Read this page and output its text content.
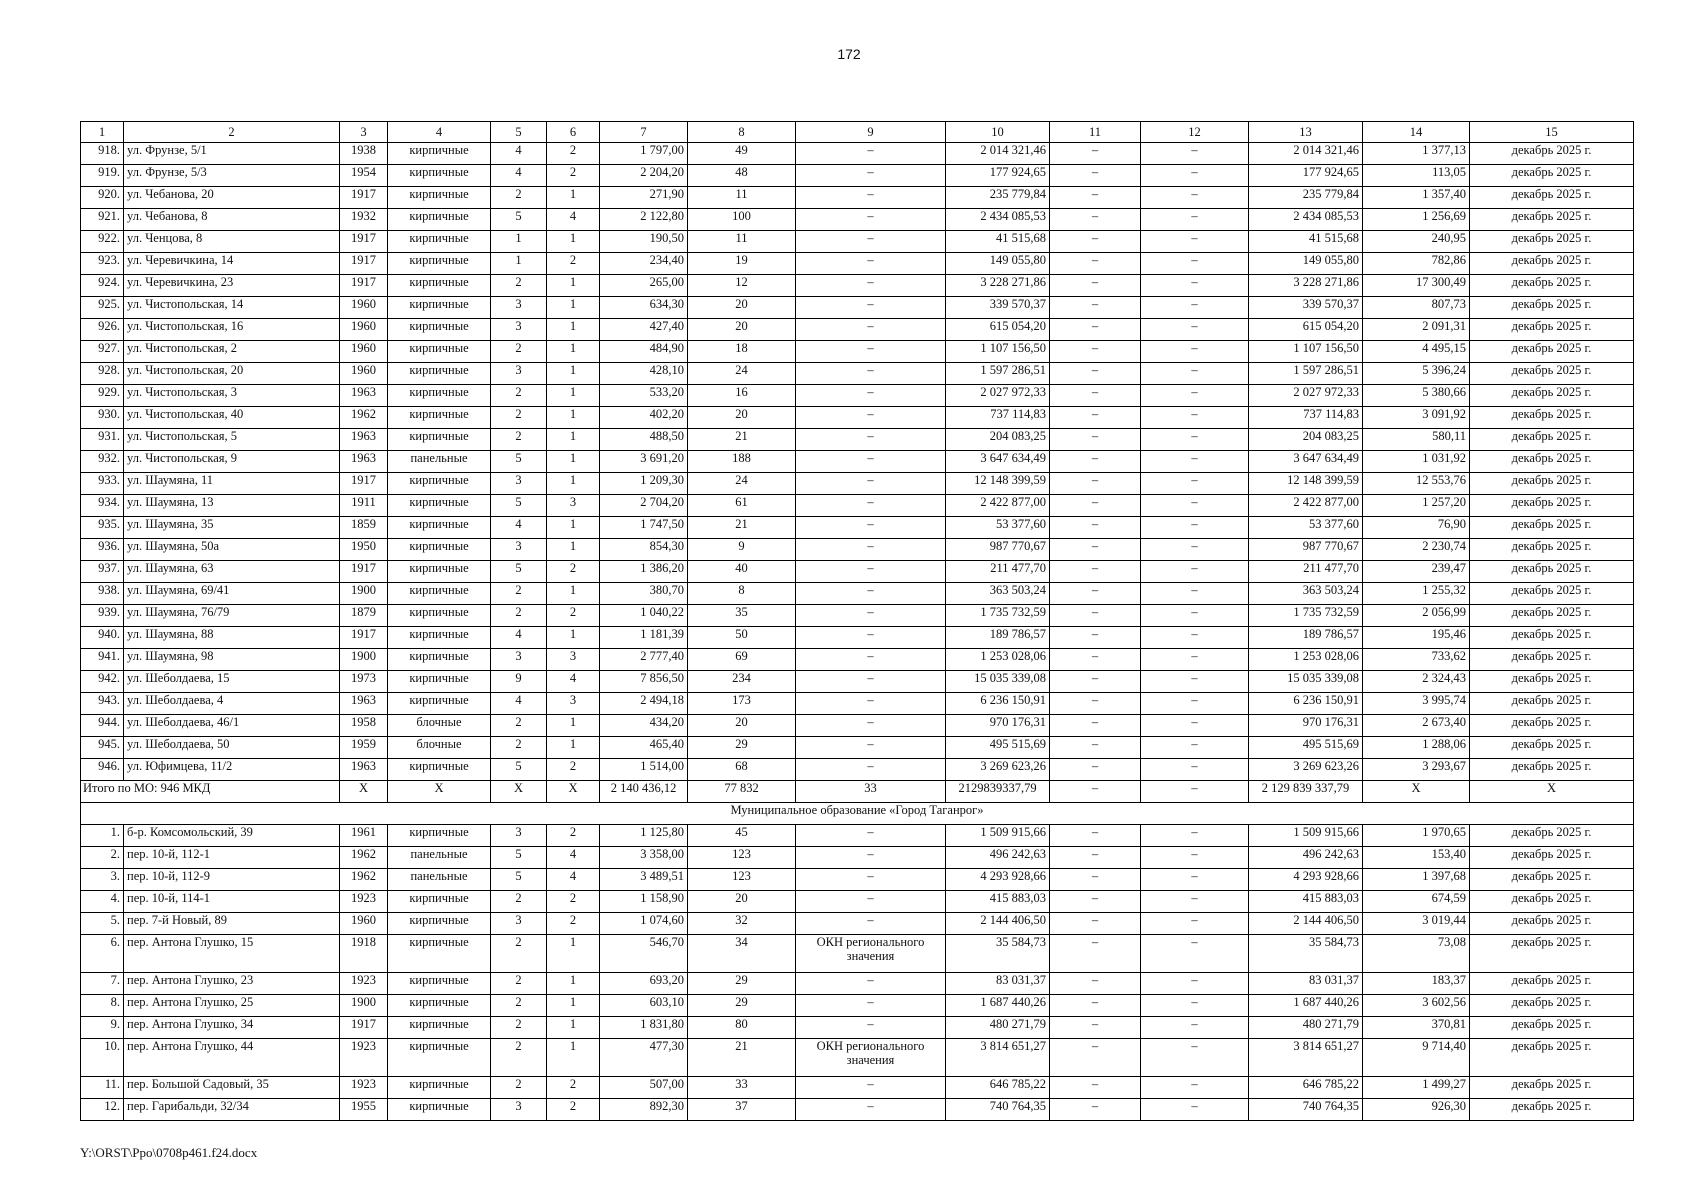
172
1	2	3	4	5	6	7	8	9	10	11	12	13	14	15
918.	ул. Фрунзе, 5/1	1938	кирпичные	4	2	1 797,00	49	–	2 014 321,46	–	–	2 014 321,46	1 377,13	декабрь 2025 г.
919.	ул. Фрунзе, 5/3	1954	кирпичные	4	2	2 204,20	48	–	177 924,65	–	–	177 924,65	113,05	декабрь 2025 г.
920.	ул. Чебанова, 20	1917	кирпичные	2	1	271,90	11	–	235 779,84	–	–	235 779,84	1 357,40	декабрь 2025 г.
921.	ул. Чебанова, 8	1932	кирпичные	5	4	2 122,80	100	–	2 434 085,53	–	–	2 434 085,53	1 256,69	декабрь 2025 г.
922.	ул. Ченцова, 8	1917	кирпичные	1	1	190,50	11	–	41 515,68	–	–	41 515,68	240,95	декабрь 2025 г.
923.	ул. Черевичкина, 14	1917	кирпичные	1	2	234,40	19	–	149 055,80	–	–	149 055,80	782,86	декабрь 2025 г.
924.	ул. Черевичкина, 23	1917	кирпичные	2	1	265,00	12	–	3 228 271,86	–	–	3 228 271,86	17 300,49	декабрь 2025 г.
925.	ул. Чистопольская, 14	1960	кирпичные	3	1	634,30	20	–	339 570,37	–	–	339 570,37	807,73	декабрь 2025 г.
926.	ул. Чистопольская, 16	1960	кирпичные	3	1	427,40	20	–	615 054,20	–	–	615 054,20	2 091,31	декабрь 2025 г.
927.	ул. Чистопольская, 2	1960	кирпичные	2	1	484,90	18	–	1 107 156,50	–	–	1 107 156,50	4 495,15	декабрь 2025 г.
928.	ул. Чистопольская, 20	1960	кирпичные	3	1	428,10	24	–	1 597 286,51	–	–	1 597 286,51	5 396,24	декабрь 2025 г.
929.	ул. Чистопольская, 3	1963	кирпичные	2	1	533,20	16	–	2 027 972,33	–	–	2 027 972,33	5 380,66	декабрь 2025 г.
930.	ул. Чистопольская, 40	1962	кирпичные	2	1	402,20	20	–	737 114,83	–	–	737 114,83	3 091,92	декабрь 2025 г.
931.	ул. Чистопольская, 5	1963	кирпичные	2	1	488,50	21	–	204 083,25	–	–	204 083,25	580,11	декабрь 2025 г.
932.	ул. Чистопольская, 9	1963	панельные	5	1	3 691,20	188	–	3 647 634,49	–	–	3 647 634,49	1 031,92	декабрь 2025 г.
933.	ул. Шаумяна, 11	1917	кирпичные	3	1	1 209,30	24	–	12 148 399,59	–	–	12 148 399,59	12 553,76	декабрь 2025 г.
934.	ул. Шаумяна, 13	1911	кирпичные	5	3	2 704,20	61	–	2 422 877,00	–	–	2 422 877,00	1 257,20	декабрь 2025 г.
935.	ул. Шаумяна, 35	1859	кирпичные	4	1	1 747,50	21	–	53 377,60	–	–	53 377,60	76,90	декабрь 2025 г.
936.	ул. Шаумяна, 50а	1950	кирпичные	3	1	854,30	9	–	987 770,67	–	–	987 770,67	2 230,74	декабрь 2025 г.
937.	ул. Шаумяна, 63	1917	кирпичные	5	2	1 386,20	40	–	211 477,70	–	–	211 477,70	239,47	декабрь 2025 г.
938.	ул. Шаумяна, 69/41	1900	кирпичные	2	1	380,70	8	–	363 503,24	–	–	363 503,24	1 255,32	декабрь 2025 г.
939.	ул. Шаумяна, 76/79	1879	кирпичные	2	2	1 040,22	35	–	1 735 732,59	–	–	1 735 732,59	2 056,99	декабрь 2025 г.
940.	ул. Шаумяна, 88	1917	кирпичные	4	1	1 181,39	50	–	189 786,57	–	–	189 786,57	195,46	декабрь 2025 г.
941.	ул. Шаумяна, 98	1900	кирпичные	3	3	2 777,40	69	–	1 253 028,06	–	–	1 253 028,06	733,62	декабрь 2025 г.
942.	ул. Шеболдаева, 15	1973	кирпичные	9	4	7 856,50	234	–	15 035 339,08	–	–	15 035 339,08	2 324,43	декабрь 2025 г.
943.	ул. Шеболдаева, 4	1963	кирпичные	4	3	2 494,18	173	–	6 236 150,91	–	–	6 236 150,91	3 995,74	декабрь 2025 г.
944.	ул. Шеболдаева, 46/1	1958	блочные	2	1	434,20	20	–	970 176,31	–	–	970 176,31	2 673,40	декабрь 2025 г.
945.	ул. Шеболдаева, 50	1959	блочные	2	1	465,40	29	–	495 515,69	–	–	495 515,69	1 288,06	декабрь 2025 г.
946.	ул. Юфимцева, 11/2	1963	кирпичные	5	2	1 514,00	68	–	3 269 623,26	–	–	3 269 623,26	3 293,67	декабрь 2025 г.
Итого по МО: 946 МКД		X	X	X	X	2 140 436,12	77 832	33	2129839337,79	–	–	2 129 839 337,79	X	X
Муниципальное образование «Город Таганрог»														
1.	б-р. Комсомольский, 39	1961	кирпичные	3	2	1 125,80	45	–	1 509 915,66	–	–	1 509 915,66	1 970,65	декабрь 2025 г.
2.	пер. 10-й, 112-1	1962	панельные	5	4	3 358,00	123	–	496 242,63	–	–	496 242,63	153,40	декабрь 2025 г.
3.	пер. 10-й, 112-9	1962	панельные	5	4	3 489,51	123	–	4 293 928,66	–	–	4 293 928,66	1 397,68	декабрь 2025 г.
4.	пер. 10-й, 114-1	1923	кирпичные	2	2	1 158,90	20	–	415 883,03	–	–	415 883,03	674,59	декабрь 2025 г.
5.	пер. 7-й Новый, 89	1960	кирпичные	3	2	1 074,60	32	–	2 144 406,50	–	–	2 144 406,50	3 019,44	декабрь 2025 г.
6.	пер. Антона Глушко, 15	1918	кирпичные	2	1	546,70	34	ОКН регионального значения	35 584,73	–	–	35 584,73	73,08	декабрь 2025 г.
7.	пер. Антона Глушко, 23	1923	кирпичные	2	1	693,20	29	–	83 031,37	–	–	83 031,37	183,37	декабрь 2025 г.
8.	пер. Антона Глушко, 25	1900	кирпичные	2	1	603,10	29	–	1 687 440,26	–	–	1 687 440,26	3 602,56	декабрь 2025 г.
9.	пер. Антона Глушко, 34	1917	кирпичные	2	1	1 831,80	80	–	480 271,79	–	–	480 271,79	370,81	декабрь 2025 г.
10.	пер. Антона Глушко, 44	1923	кирпичные	2	1	477,30	21	ОКН регионального значения	3 814 651,27	–	–	3 814 651,27	9 714,40	декабрь 2025 г.
11.	пер. Большой Садовый, 35	1923	кирпичные	2	2	507,00	33	–	646 785,22	–	–	646 785,22	1 499,27	декабрь 2025 г.
12.	пер. Гарибальди, 32/34	1955	кирпичные	3	2	892,30	37	–	740 764,35	–	–	740 764,35	926,30	декабрь 2025 г.
Y:\ORST\Ppo\0708p461.f24.docx
